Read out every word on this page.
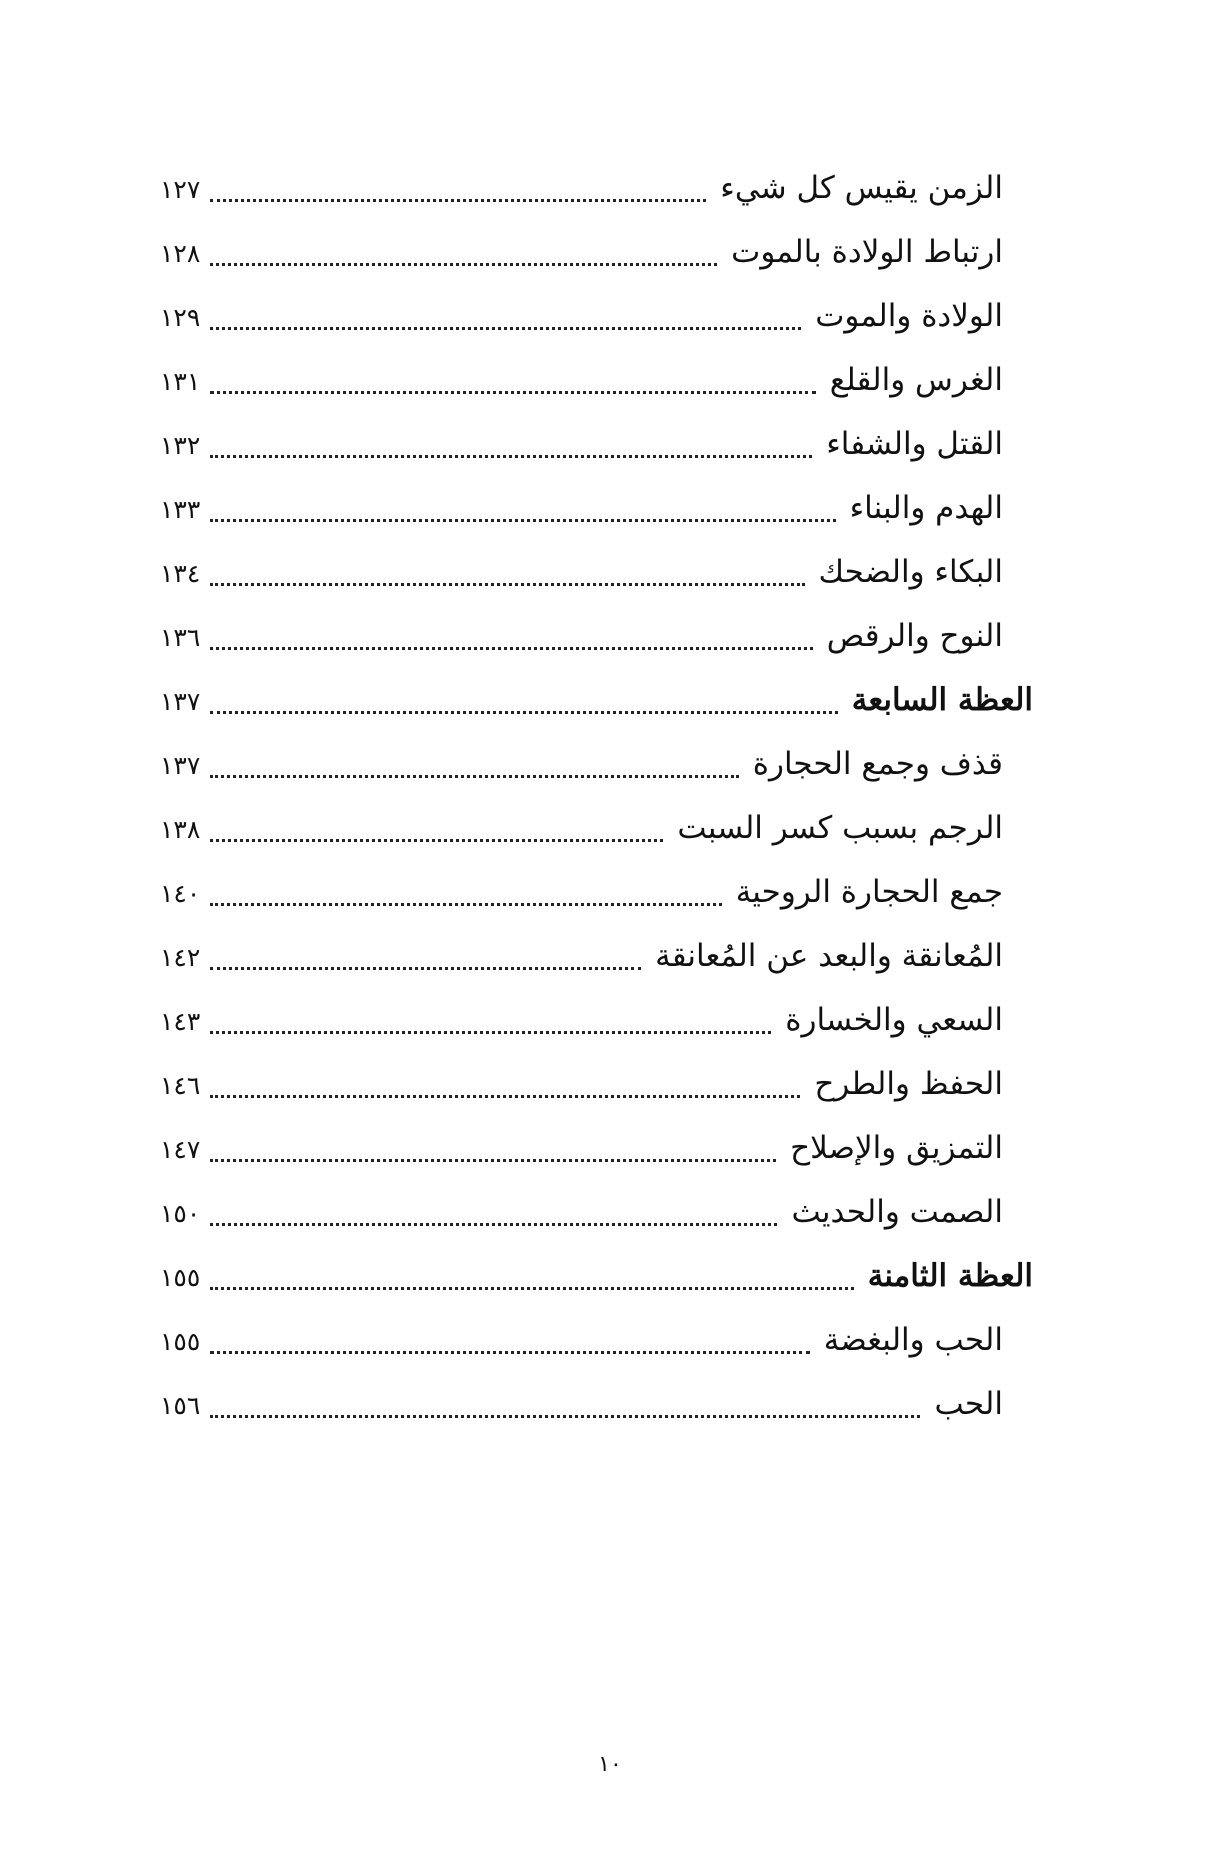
الزمن يقيس كل شيء
١٢٧
ارتباط الولادة بالموت
١٢٨
الولادة والموت
١٢٩
الغرس والقلع
١٣١
القتل والشفاء
١٣٢
الهدم والبناء
١٣٣
البكاء والضحك
١٣٤
النوح والرقص
١٣٦
العظة السابعة
١٣٧
قذف وجمع الحجارة
١٣٧
الرجم بسبب كسر السبت
١٣٨
جمع الحجارة الروحية
١٤٠
المُعانقة والبعد عن المُعانقة
١٤٢
السعي والخسارة
١٤٣
الحفظ والطرح
١٤٦
التمزيق والإصلاح
١٤٧
الصمت والحديث
١٥٠
العظة الثامنة
١٥٥
الحب والبغضة
١٥٥
الحب
١٥٦
١٠
